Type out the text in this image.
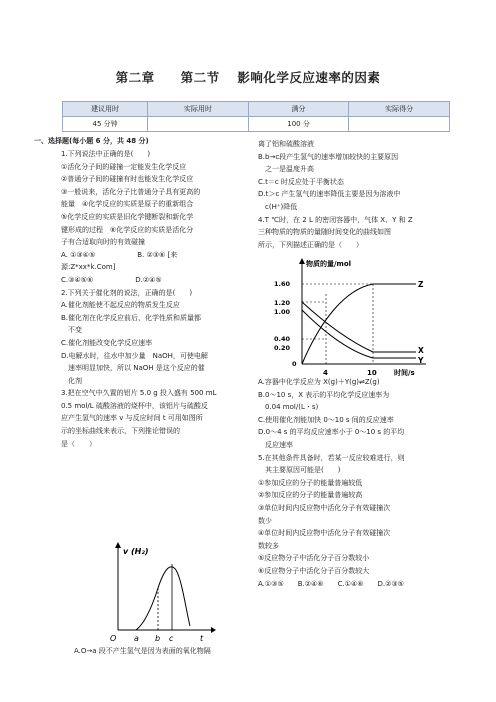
第二章　　第二节　 影响化学反应速率的因素
建议用时	实际用时	满分	实际得分
45 分钟		100 分	
一、选择题(每小题 6 分，共 48 分)
1.下列说法中正确的是(　　)
①活化分子间的碰撞一定能发生化学反应
②普通分子间的碰撞有时也能发生化学反应
③一般说来，活化分子比普通分子具有更高的
能量　④化学反应的实质是原子的重新组合
⑤化学反应的实质是旧化学键断裂和新化学
键形成的过程　⑥化学反应的实质是活化分
子有合适取向时的有效碰撞
A. ①③④⑤　　　　　　B. ②③⑥ [来
源:Z*xx*k.Com]
C.③④⑤⑥　　　　　　D.②④⑤
2.下列关于催化剂的说法，正确的是(　　)
A.催化剂能使不起反应的物质发生反应
B.催化剂在化学反应前后，化学性质和质量都
　不变
C.催化剂能改变化学反应速率
D.电解水时，往水中加少量　NaOH，可使电解
　速率明显加快，所以 NaOH 是这个反应的催
　化剂
3.把在空气中久置的铝片 5.0 g 投入盛有 500 mL
0.5 mol/L 硫酸溶液的烧杯中，该铝片与硫酸反
应产生氢气的速率 v 与反应时间 t 可用如图所
示的坐标曲线来表示，下列推论错误的
是（　　）
v (H₂)
O a b c	t
A.O→a 段不产生氢气是因为表面的氧化物隔
离了铝和硫酸溶液
B.b→c段产生氢气的速率增加较快的主要原因
　之一是温度升高
C.t＝c 时反应处于平衡状态
D.t＞c 产生氢气的速率降低主要是因为溶液中
　c(H⁺)降低
4.T ℃时，在 2 L 的密闭容器中，气体 X、Y 和 Z
三种物质的物质的量随时间变化的曲线如图
所示，下列描述正确的是（　　）
物质的量/mol
1.60
1.20
1.00
0.40
0.20
0
Z
X
Y
4	10 时间/s
A.容器中化学反应为 X(g)＋Y(g)⇌Z(g)
B.0～10 s，X 表示的平均化学反应速率为
　0.04 mol/(L・s)
C.使用催化剂能加快 0～10 s 间的反应速率
D.0～4 s 的平均反应速率小于 0～10 s 的平均
　反应速率
5.在其他条件具备时，若某一反应较难进行，则
　其主要原因可能是(　　)
①参加反应的分子的能量普遍较低
②参加反应的分子的能量普遍较高
③单位时间内反应物中活化分子有效碰撞次
数少
④单位时间内反应物中活化分子有效碰撞次
数较多
⑤反应物分子中活化分子百分数较小
⑥反应物分子中活化分子百分数较大
A.①③⑤　　B.②④⑥　　C.①④⑥　　D.②③⑤
